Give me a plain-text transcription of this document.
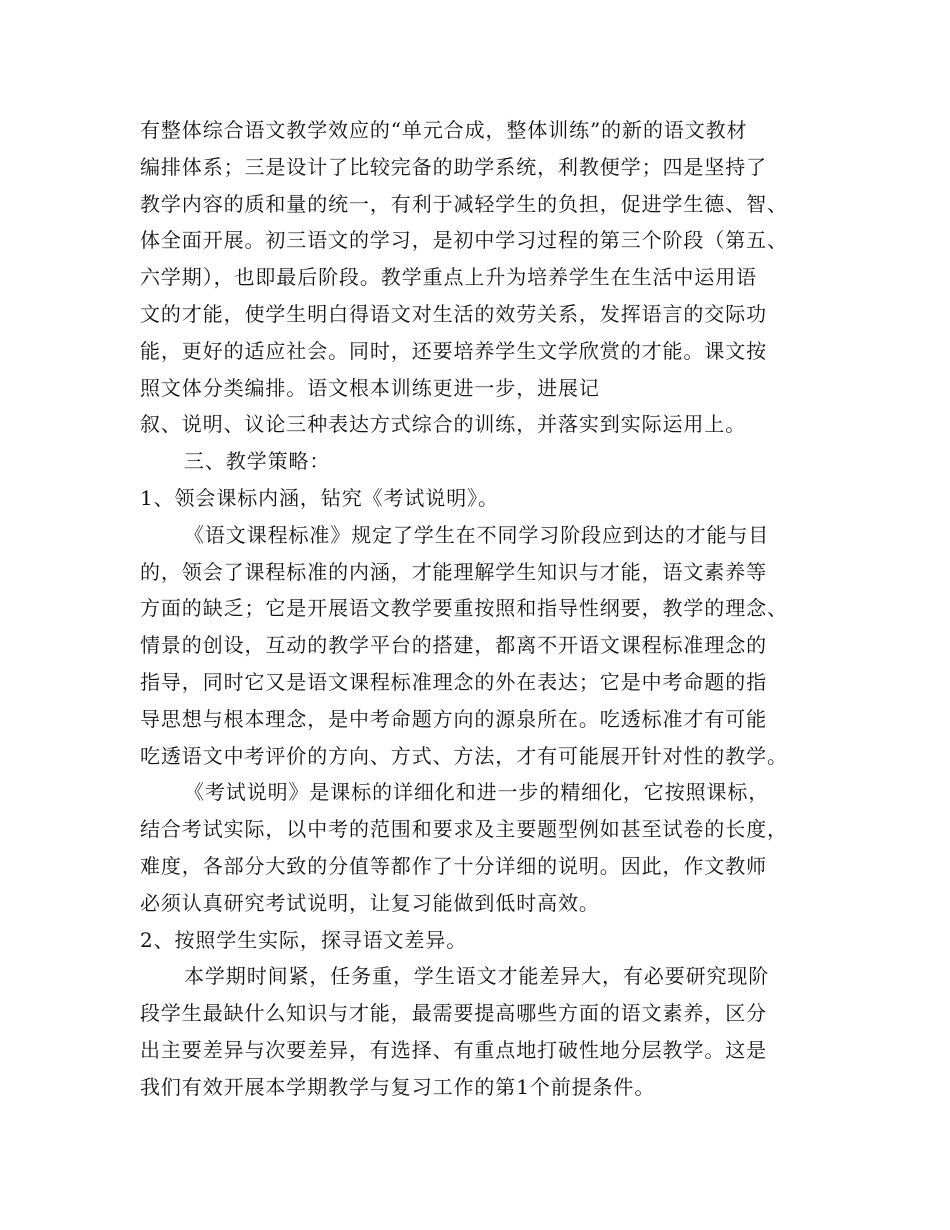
有整体综合语文教学效应的“单元合成，整体训练”的新的语文教材
编排体系；三是设计了比较完备的助学系统，利教便学；四是坚持了
教学内容的质和量的统一，有利于减轻学生的负担，促进学生德、智、
体全面开展。初三语文的学习，是初中学习过程的第三个阶段（第五、
六学期），也即最后阶段。教学重点上升为培养学生在生活中运用语
文的才能，使学生明白得语文对生活的效劳关系，发挥语言的交际功
能，更好的适应社会。同时，还要培养学生文学欣赏的才能。课文按
照文体分类编排。语文根本训练更进一步，进展记
叙、说明、议论三种表达方式综合的训练，并落实到实际运用上。
三、教学策略：
1、领会课标内涵，钻究《考试说明》。
《语文课程标准》规定了学生在不同学习阶段应到达的才能与目
的，领会了课程标准的内涵，才能理解学生知识与才能，语文素养等
方面的缺乏；它是开展语文教学要重按照和指导性纲要，教学的理念、
情景的创设，互动的教学平台的搭建，都离不开语文课程标准理念的
指导，同时它又是语文课程标准理念的外在表达；它是中考命题的指
导思想与根本理念，是中考命题方向的源泉所在。吃透标准才有可能
吃透语文中考评价的方向、方式、方法，才有可能展开针对性的教学。
《考试说明》是课标的详细化和进一步的精细化，它按照课标，
结合考试实际，以中考的范围和要求及主要题型例如甚至试卷的长度，
难度，各部分大致的分值等都作了十分详细的说明。因此，作文教师
必须认真研究考试说明，让复习能做到低时高效。
2、按照学生实际，探寻语文差异。
本学期时间紧，任务重，学生语文才能差异大，有必要研究现阶
段学生最缺什么知识与才能，最需要提高哪些方面的语文素养，区分
出主要差异与次要差异，有选择、有重点地打破性地分层教学。这是
我们有效开展本学期教学与复习工作的第1个前提条件。
